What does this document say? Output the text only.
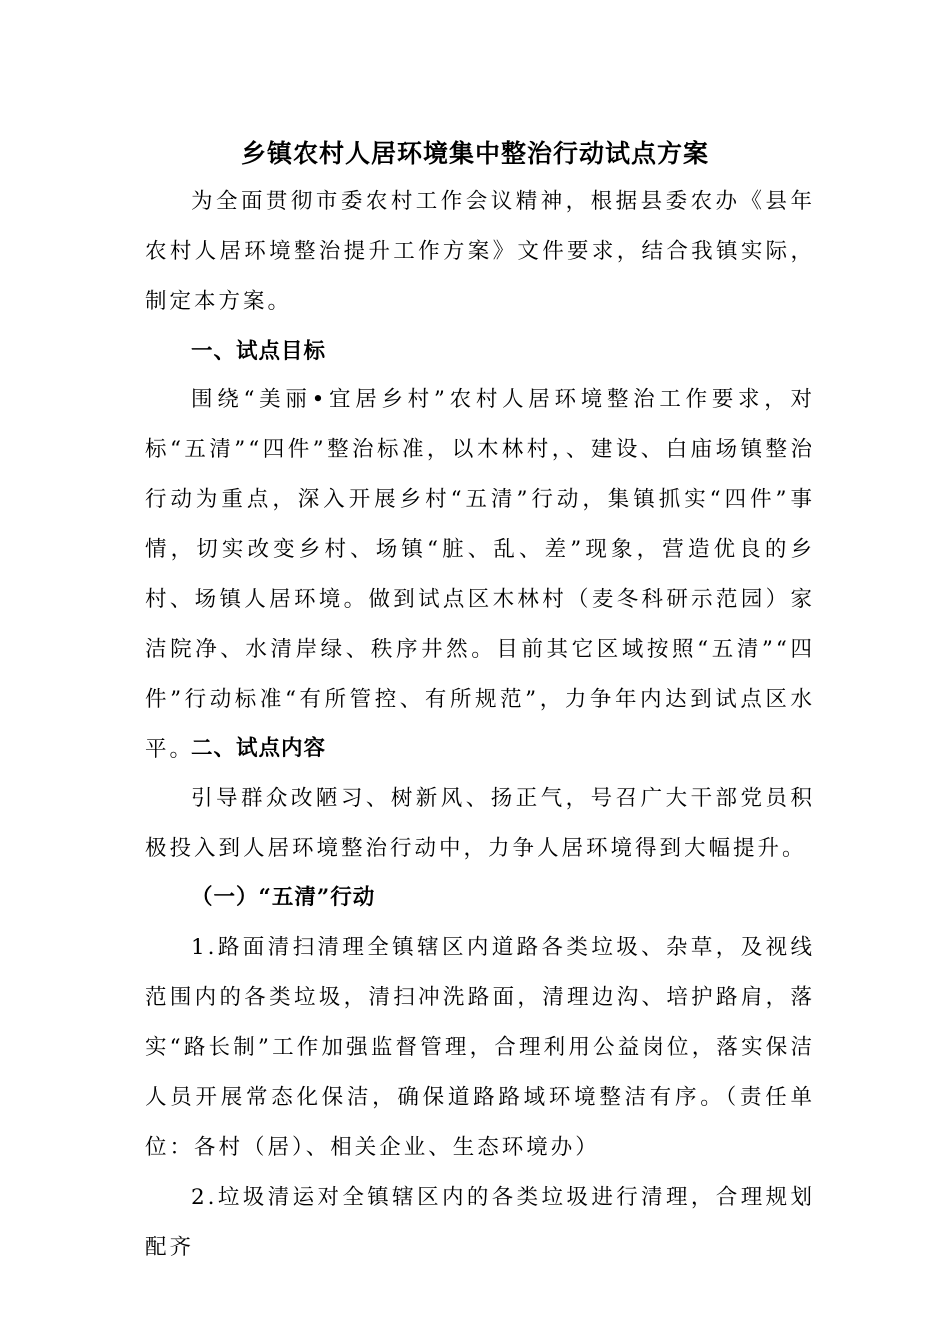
乡镇农村人居环境集中整治行动试点方案

为全面贯彻市委农村工作会议精神，根据县委农办《县年农村人居环境整治提升工作方案》文件要求，结合我镇实际，制定本方案。

一、试点目标

围绕“美丽•宜居乡村”农村人居环境整治工作要求，对标“五清”“四件”整治标准，以木林村，、建设、白庙场镇整治行动为重点，深入开展乡村“五清”行动，集镇抓实“四件”事情，切实改变乡村、场镇“脏、乱、差”现象，营造优良的乡村、场镇人居环境。做到试点区木林村（麦冬科研示范园）家洁院净、水清岸绿、秩序井然。目前其它区域按照“五清”“四件”行动标准“有所管控、有所规范”，力争年内达到试点区水平。

二、试点内容

引导群众改陋习、树新风、扬正气，号召广大干部党员积极投入到人居环境整治行动中，力争人居环境得到大幅提升。

（一）“五清”行动

1.路面清扫清理全镇辖区内道路各类垃圾、杂草，及视线范围内的各类垃圾，清扫冲洗路面，清理边沟、培护路肩，落实“路长制”工作加强监督管理，合理利用公益岗位，落实保洁人员开展常态化保洁，确保道路路域环境整洁有序。（责任单位：各村（居）、相关企业、生态环境办）

2.垃圾清运对全镇辖区内的各类垃圾进行清理，合理规划配齐
